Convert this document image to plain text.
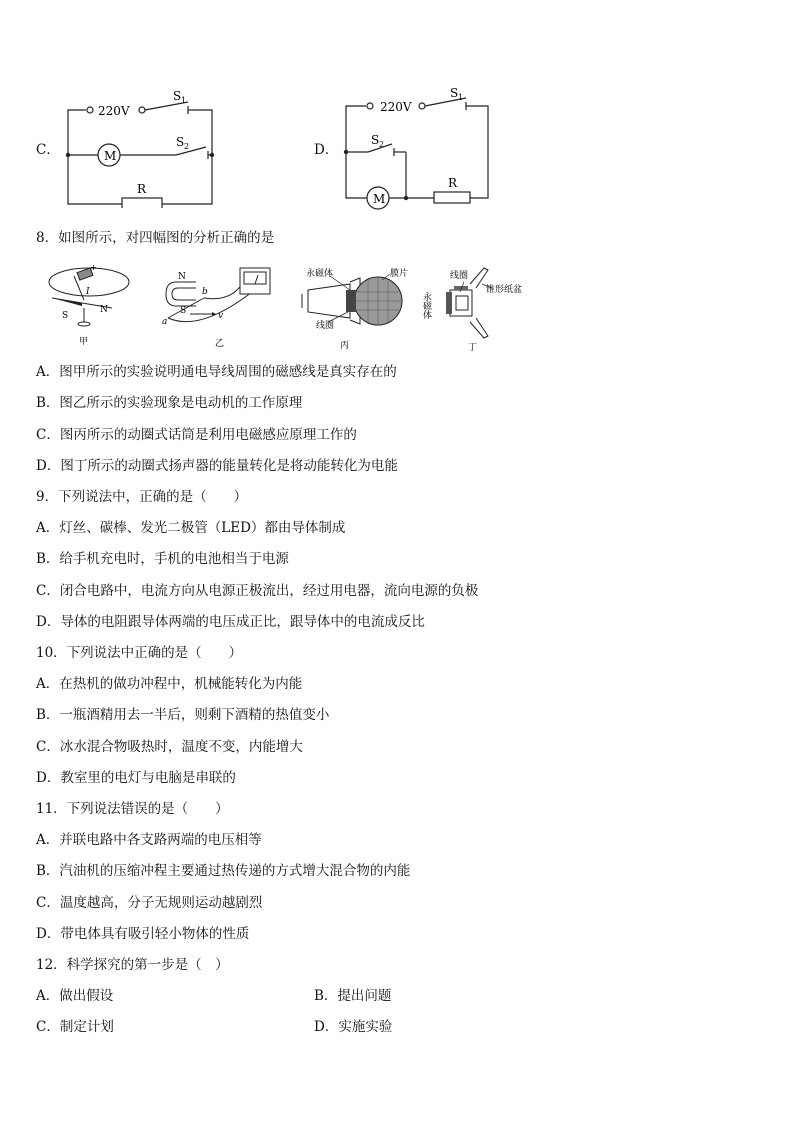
C．
220V
S 1
S 2
M
R
D．
220V
S 1
S 2
M
R
8．如图所示，对四幅图的分析正确的是
+
I
S
N
甲
N
S
a
b
v
乙
永磁体	膜片
线圈
丙
线圈
锥形纸盆
永磁体
丁
A．图甲所示的实验说明通电导线周围的磁感线是真实存在的
B．图乙所示的实验现象是电动机的工作原理
C．图丙所示的动圈式话筒是利用电磁感应原理工作的
D．图丁所示的动圈式扬声器的能量转化是将动能转化为电能
9．下列说法中，正确的是（　　）
A．灯丝、碳棒、发光二极管（LED）都由导体制成
B．给手机充电时，手机的电池相当于电源
C．闭合电路中，电流方向从电源正极流出，经过用电器，流向电源的负极
D．导体的电阻跟导体两端的电压成正比，跟导体中的电流成反比
10．下列说法中正确的是（　　）
A．在热机的做功冲程中，机械能转化为内能
B．一瓶酒精用去一半后，则剩下酒精的热值变小
C．冰水混合物吸热时，温度不变，内能增大
D．教室里的电灯与电脑是串联的
11．下列说法错误的是（　　）
A．并联电路中各支路两端的电压相等
B．汽油机的压缩冲程主要通过热传递的方式增大混合物的内能
C．温度越高，分子无规则运动越剧烈
D．带电体具有吸引轻小物体的性质
12．科学探究的第一步是（　）
A．做出假设	B．提出问题
C．制定计划	D．实施实验
